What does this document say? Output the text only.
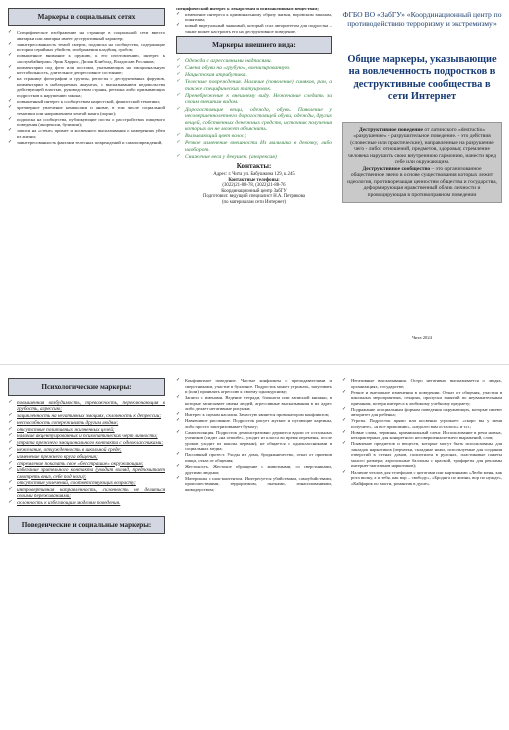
Маркеры в социальных сетях

✓ Специфическое изображение на странице в социальной сети вместо аватарки или аватарка имеет деструктивный характер;

✓ заинтересованность темой смерти, подписка на сообщества, содержащие истории серийных убийств, изображения кладбищ, гробов;

✓ повышенное внимание к оружию, к его изготовлению, интерес к «колумбайнерам» Эрик Харрис, Дилан Клиболд, Владислав Росляков;

✓ комментарии под фото или постами, указывающих на эмоциональную нестабильность, длительное депрессивное состояние;

✓ на странице фотографии и группы, репосты с деструктивных форумов, комментарии в наблюдаемых акаунтах, с высказыванием недовольства действующей властью, руководством страны, региона либо призывающих подростков к нарушению закона;

✓ повышенный интерес к сообществам нацистской, фашистской тематики;

✓ чрезмерное увлечение комиксами и аниме, в том числе социальной тематики или направлением хентай манга (порно);

✓ подписка на сообщества, публикующие посты о расстройствах пищевого поведения (анорексии, булимии);

✓ записи на «стене» примет и косвенного высказывания о намерениях уйти из жизни;

✓ заинтересованность фактами телесных повреждений и самоповреждений,

специфический интерес к лекарствам и психоактивным веществам;

✓ изменение интереса к криминальному образу жизни, воровским законам, понятиям;

✓ новый виртуальный знакомый, который стал авторитетом для подростка – также может настроить его на деструктивное поведение.

Маркеры внешнего вида:

✓ Одежда с агрессивными надписями.

✓ Смена обуви на «грубую», военизированную.

✓ Нацистская атрибутика.

✓ Телесные повреждения. Наличие (появление) синяков, ран, а также специфических татуировок.

✓ Пренебрежение к внешнему виду. Неженание следить за своим внешним видом.

✓ Дорогостоящие вещи, одежда, обувь. Появление у несовершеннолетнего дорогостоящей обуви, одежды, других вещей, собственных денежных средств, источник получения которых он не может объяснить.

✓ Вызывающий цвет волос;

✓ Резкое изменение внешности Из мальчика в девочку, либо наоборот.

✓ Снижение веса у девушек. (анорексия)

Контакты:
Адрес: г. Чита ул. Бабушкина 129, к.245
Контактные телефоны:
(3022)21-88-78, (3022)21-88-76
Координационный центр ЗабГУ
Подготовил: ведущий специалист Н.А. Петрякова
(по материалам сети Интернет)
ФГБО ВО «ЗабГУ» «Координационный центр по противодействию терроризму и экстремизму»
Общие маркеры, указывающие на вовлеченность подростков в деструктивные сообщества в сети Интернет
Деструктивное поведение от латинского «destructio» «разрушение» - разрушительное поведение. - это действия (словесные или практические), направленные на разрушение чего - либо: отношений, предметов, здоровья; стремление человека нарушить свою внутреннюю гармонию, нанести вред себе или окружающим.
Деструктивное сообщество – это организованное общественное звено в основе существования которых лежит идеология, противоречащая ценностям общества и государства, деформирующая нравственный облик личности и провоцирующая в противоправном поведении
Чита 2024
Психологические маркеры:

✓ повышенная возбудимость, тревожность, переключающая в грубость, агрессию;

✓ зацикленность на негативных эмоциях, склонность к депрессии;

✓ неспособность сопереживать другим людям;

✓ отсутствие позитивных жизненных целей;

✓ наличие акцентуированных и психопатических черт личности;

✓ утрата прежнего эмоционального контакта с одноклассниками;

✓ нежелание, отчужденность в школьной среде;

✓ изменение прежнего круга общения;

✓ стремление показать свое «бесстрашие» окружающим;

✓ избегание зрительного контакта (уводит взгляд, предпочитает смотреть вниз, себе под ноги);

✓ отсутствие увлечений, соответствующих возрасту;

✓ интровертивная направленность, склонность не делиться своими переживаниями;

✓ склонность к избегающим моделям поведения.

Поведенческие и социальные маркеры:

✓ Конфликтное поведение. Частые конфликты с преподавателями и сверстниками, участие в буллинге. Подросток может угрожать, запугивать и (или) проявлять агрессию к своему однокурснику;

✓ Записи с именами. Ведение тетради, блокнота или записной книжки, в которые записывает имена людей, агрессивные высказывания в их адрес либо делает негативные рисунки;

✓ Интерес к сценам насилия. Зачастую является провокатором конфликтов;

✓ Навязчивое рисование. Подросток рисует жуткие и пугающие картины, либо просто заштриховывает бумагу;

✓ Самоизоляция. Подросток демонстративно держится вдали от остальных учеников (сидит «на отшибе», уходит из класса во время перемены, после уроков уходит из школы первым); не общается с одноклассниками в социальных медиа;

✓ Пассивный протест. Уходы из дома, бродяжничество, отказ от приемов пищи, отказ от общения;

✓ Жестокость. Жестокое обращение с животными, со сверстниками, другими людьми;

✓ Материалы с шок-контентом. Интересуется убийствами, самоубийствами, происшествиями, терроризмом, пытками, изнасилованиями, живодерством;

✓ Негативные высказывания. Остро негативно высказывается о людях, организациях, государстве;

✓ Резкое и внезапное изменения в поведении. Отказ от общения, участия в школьных мероприятиях, секциях, пропуски занятий по неуважительным причинам, потеря интереса к любимому учебному предмету;

✓ Подражание асоциальным формам поведения окружающих, которые имеют авторитет для ребенка;

✓ Угрозы. Подросток прямо или косвенно угрожает: «скоро вы у меня получите», «я все припомню», «недолго вам осталось» и т.п.;

✓ Новые слова, термины, криминальный сленг. Использование в речи новых, нехарактерных для конкретного несовершеннолетнего выражений, слов;

✓ Появление предметов и веществ, которые могут быть использованы для закладок наркотиков (перчатки, складные ножи, используемые для создания отверстий в стенах домов, полиэтилен в рулонах, пластиковые пакеты малого размера; аэрозольные баллоны с краской, трафареты для рекламы интернет-магазинов наркотиков);

✓ Наличие чехлов для телефонов с цитатами или картинками «Люби меня, как рота вилку, а я тебя, как вор – свободу», «Бродяга по жизни, вор по нужде», «Кайфарик по масти, романтик в душе».
